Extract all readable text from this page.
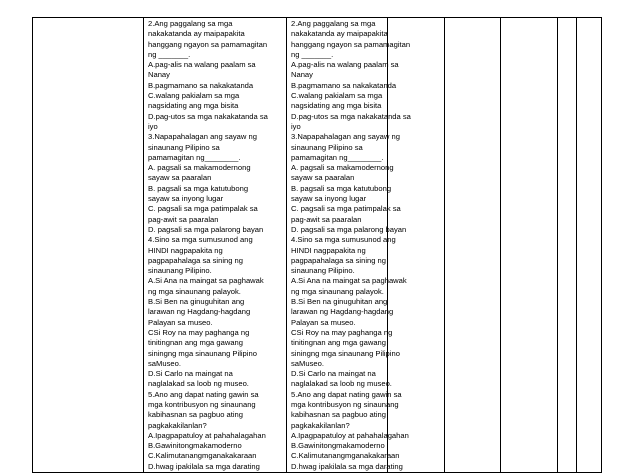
2.Ang paggalang sa mga
nakakatanda ay maipapakita
hanggang ngayon sa pamamagitan
ng _______.
A.pag-alis na walang paalam sa
Nanay
B.pagmamano sa nakakatanda
C.walang pakialam sa mga
nagsidating ang mga bisita
D.pag-utos sa mga nakakatanda sa
iyo
3.Napapahalagan ang sayaw ng
sinaunang Pilipino sa
pamamagitan ng________.
A. pagsali sa makamodernong
sayaw sa paaralan
B. pagsali sa mga katutubong
sayaw sa inyong lugar
C. pagsali sa mga patimpalak sa
pag-awit sa paaralan
D. pagsali sa mga palarong bayan
4.Sino sa mga sumusunod ang
HINDI nagpapakita ng
pagpapahalaga sa sining ng
sinaunang Pilipino.
A.Si Ana na maingat sa paghawak
ng mga sinaunang palayok.
B.Si Ben na ginuguhitan ang
larawan ng Hagdang-hagdang
Palayan sa museo.
CSi Roy na may paghanga ng
tinitingnan ang mga gawang
siningng mga sinaunang Pilipino
saMuseo.
D.Si Carlo na maingat na
naglalakad sa loob ng museo.
5.Ano ang dapat nating gawin sa
mga kontribusyon ng sinaunang
kabihasnan sa pagbuo ating
pagkakakilanlan?
A.Ipagpapatuloy at pahahalagahan
B.Gawinitongmakamoderno
C.Kalimutanangmganakakaraan
D.hwag ipakilala sa mga darating

2.Ang paggalang sa mga
nakakatanda ay maipapakita
hanggang ngayon sa pamamagitan
ng _______.
A.pag-alis na walang paalam sa
Nanay
B.pagmamano sa nakakatanda
C.walang pakialam sa mga
nagsidating ang mga bisita
D.pag-utos sa mga nakakatanda sa
iyo
3.Napapahalagan ang sayaw ng
sinaunang Pilipino sa
pamamagitan ng________.
A. pagsali sa makamodernong
sayaw sa paaralan
B. pagsali sa mga katutubong
sayaw sa inyong lugar
C. pagsali sa mga patimpalak sa
pag-awit sa paaralan
D. pagsali sa mga palarong bayan
4.Sino sa mga sumusunod ang
HINDI nagpapakita ng
pagpapahalaga sa sining ng
sinaunang Pilipino.
A.Si Ana na maingat sa paghawak
ng mga sinaunang palayok.
B.Si Ben na ginuguhitan ang
larawan ng Hagdang-hagdang
Palayan sa museo.
CSi Roy na may paghanga ng
tinitingnan ang mga gawang
siningng mga sinaunang Pilipino
saMuseo.
D.Si Carlo na maingat na
naglalakad sa loob ng museo.
5.Ano ang dapat nating gawin sa
mga kontribusyon ng sinaunang
kabihasnan sa pagbuo ating
pagkakakilanlan?
A.Ipagpapatuloy at pahahalagahan
B.Gawinitongmakamoderno
C.Kalimutanangmganakakaraan
D.hwag ipakilala sa mga darating
